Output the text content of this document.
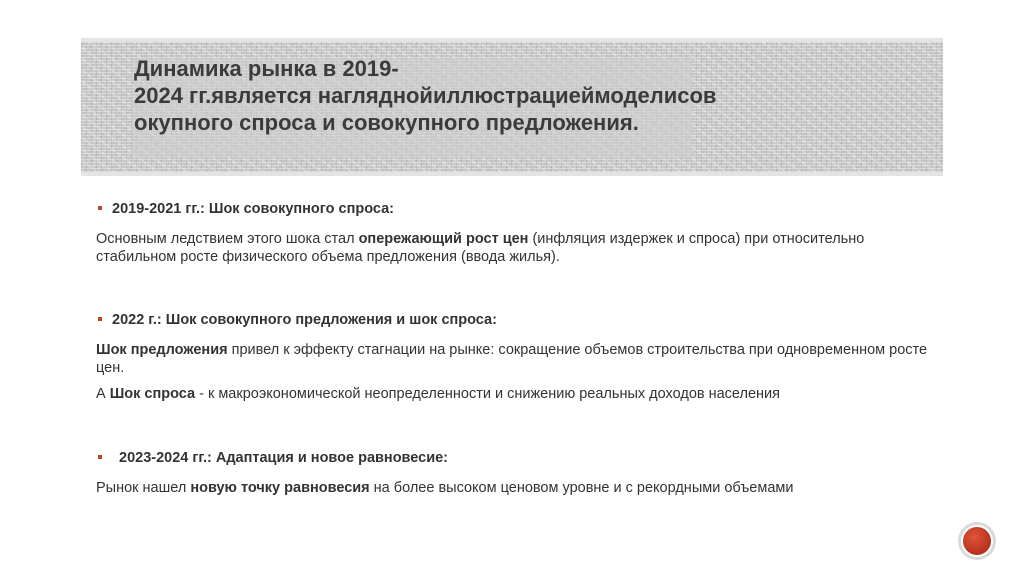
Динамика рынка в 2019-
2024 гг.является нагляднойиллюстрациеймоделисов
окупного спроса и совокупного предложения.
2019-2021 гг.: Шок совокупного спроса:

Основным ледствием этого шока стал опережающий рост цен (инфляция издержек и спроса) при относительно стабильном росте физического объема предложения (ввода жилья).

2022 г.: Шок совокупного предложения и шок спроса:

Шок предложения привел к эффекту стагнации на рынке: сокращение объемов строительства при одновременном росте цен.

А Шок спроса - к макроэкономической неопределенности и снижению реальных доходов населения

2023-2024 гг.: Адаптация и новое равновесие:

Рынок нашел новую точку равновесия на более высоком ценовом уровне и с рекордными объемами
